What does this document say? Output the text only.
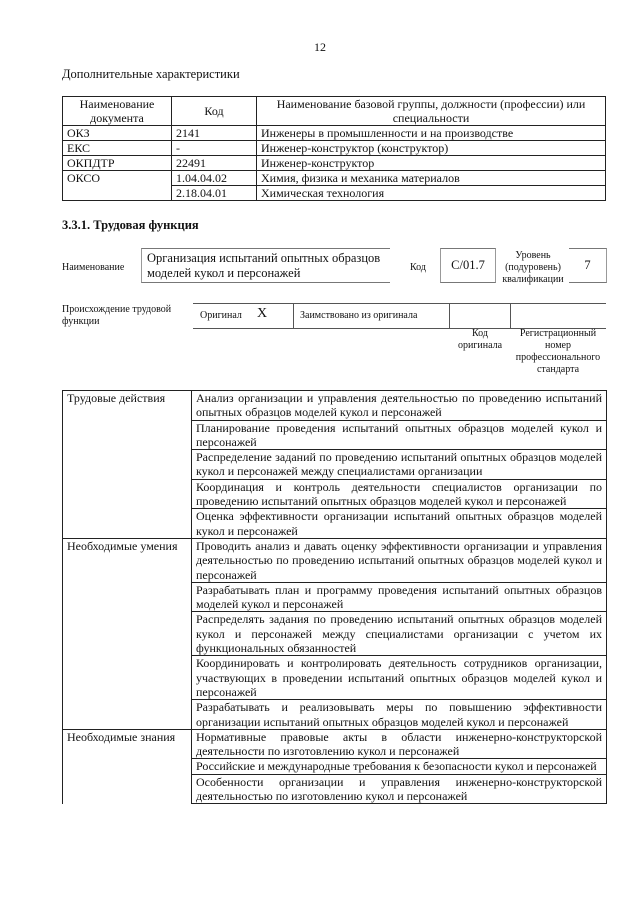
12
Дополнительные характеристики
Наименование документа	Код	Наименование базовой группы, должности (профессии) или специальности
ОКЗ	2141	Инженеры в промышленности и на производстве
ЕКС	-	Инженер-конструктор (конструктор)
ОКПДТР	22491	Инженер-конструктор
ОКСО	1.04.04.02	Химия, физика и механика материалов
	2.18.04.01	Химическая технология
3.3.1. Трудовая функция
Наименование
Организация испытаний опытных образцов моделей кукол и персонажей	Код	С/01.7
Уровень (подуровень) квалификации
7
Происхождение трудовой функции
Оригинал Х	Заимствовано из оригинала
Код оригинала
Регистрационный номер профессионального стандарта
Трудовые действия	Анализ организации и управления деятельностью по проведению испытаний опытных образцов моделей кукол и персонажей
	Планирование проведения испытаний опытных образцов моделей кукол и персонажей
	Распределение заданий по проведению испытаний опытных образцов моделей кукол и персонажей между специалистами организации
	Координация и контроль деятельности специалистов организации по проведению испытаний опытных образцов моделей кукол и персонажей
	Оценка эффективности организации испытаний опытных образцов моделей кукол и персонажей
Необходимые умения	Проводить анализ и давать оценку эффективности организации и управления деятельностью по проведению испытаний опытных образцов моделей кукол и персонажей
	Разрабатывать план и программу проведения испытаний опытных образцов моделей кукол и персонажей
	Распределять задания по проведению испытаний опытных образцов моделей кукол и персонажей между специалистами организации с учетом их функциональных обязанностей
	Координировать и контролировать деятельность сотрудников организации, участвующих в проведении испытаний опытных образцов моделей кукол и персонажей
	Разрабатывать и реализовывать меры по повышению эффективности организации испытаний опытных образцов моделей кукол и персонажей
Необходимые знания	Нормативные правовые акты в области инженерно-конструкторской деятельности по изготовлению кукол и персонажей
	Российские и международные требования к безопасности кукол и персонажей
	Особенности организации и управления инженерно-конструкторской деятельностью по изготовлению кукол и персонажей
